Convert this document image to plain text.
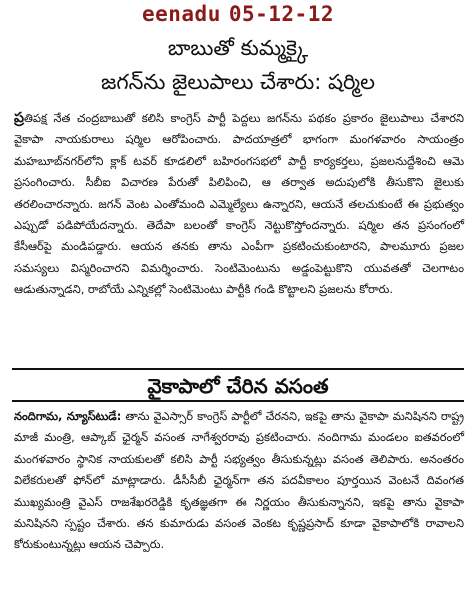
eenadu 05-12-12
బాబుతో కుమ్మక్కై
జగన్‌ను జైలుపాలు చేశారు: షర్మిల

ప్రతిపక్ష నేత చంద్రబాబుతో కలిసి కాంగ్రెస్ పార్టీ పెద్దలు జగన్‌ను పథకం ప్రకారం జైలుపాలు చేశారని వైకాపా నాయకురాలు షర్మిల ఆరోపించారు. పాదయాత్రలో భాగంగా మంగళవారం సాయంత్రం మహబూబ్‌నగర్‌లోని క్లాక్ టవర్ కూడలిలో బహిరంగసభలో పార్టీ కార్యకర్తలు, ప్రజలనుద్దేశించి ఆమె ప్రసంగించారు. సీబీఐ విచారణ పేరుతో పిలిపించి, ఆ తర్వాత అదుపులోకి తీసుకొని జైలుకు తరలించారన్నారు. జగన్ వెంట ఎంతోమంది ఎమ్మెల్యేలు ఉన్నారని, ఆయనే తలచుకుంటే ఈ ప్రభుత్వం ఎప్పుడో పడిపోయేదన్నారు. తెదేపా బలంతో కాంగ్రెస్ నెట్టుకొస్తోందన్నారు. షర్మిల తన ప్రసంగంలో కేసీఆర్‌పై మండిపడ్డారు. ఆయన తనకు తాను ఎంపీగా ప్రకటించుకుంటారని, పాలమూరు ప్రజల సమస్యలు విస్మరించారని విమర్శించారు. సెంటిమెంటును అడ్డంపెట్టుకొని యువతతో చెలగాటం ఆడుతున్నాడని, రాబోయే ఎన్నికల్లో సెంటిమెంటు పార్టీకి గండి కొట్టాలని ప్రజలను కోరారు.

వైకాపాలో చేరిన వసంత

నందిగామ, న్యూస్‌టుడే: తాను వైఎస్సార్ కాంగ్రెస్ పార్టీలో చేరనని, ఇకపై తాను వైకాపా మనిషినని రాష్ట్ర మాజీ మంత్రి, ఆప్కాబ్ ఛైర్మన్ వసంత నాగేశ్వరరావు ప్రకటించారు. నందిగామ మండలం ఐతవరంలో మంగళవారం స్థానిక నాయకులతో కలిసి పార్టీ సభ్యత్వం తీసుకున్నట్లు వసంత తెలిపారు. అనంతరం విలేకరులతో ఫోన్‌లో మాట్లాడారు. డీసీసీబీ ఛైర్మన్‌గా తన పదవీకాలం పూర్తయిన వెంటనే దివంగత ముఖ్యమంత్రి వైఎస్ రాజశేఖరరెడ్డికి కృతజ్ఞతగా ఈ నిర్ణయం తీసుకున్నానని, ఇకపై తాను వైకాపా మనిషినని స్పష్టం చేశారు. తన కుమారుడు వసంత వెంకట కృష్ణప్రసాద్ కూడా వైకాపాలోకి రావాలని కోరుకుంటున్నట్లు ఆయన చెప్పారు.
